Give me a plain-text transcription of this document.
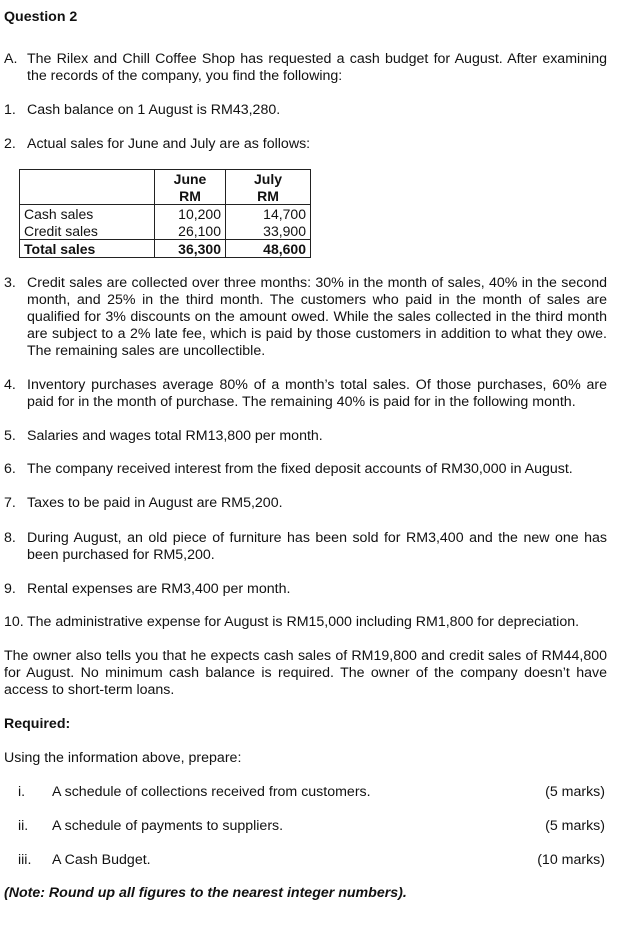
Question 2
A. The Rilex and Chill Coffee Shop has requested a cash budget for August. After examining the records of the company, you find the following:
1. Cash balance on 1 August is RM43,280.
2. Actual sales for June and July are as follows:
	June	July
	RM	RM
Cash sales	10,200	14,700
Credit sales	26,100	33,900
Total sales	36,300	48,600
3. Credit sales are collected over three months: 30% in the month of sales, 40% in the second month, and 25% in the third month. The customers who paid in the month of sales are qualified for 3% discounts on the amount owed. While the sales collected in the third month are subject to a 2% late fee, which is paid by those customers in addition to what they owe. The remaining sales are uncollectible.
4. Inventory purchases average 80% of a month’s total sales. Of those purchases, 60% are paid for in the month of purchase. The remaining 40% is paid for in the following month.
5. Salaries and wages total RM13,800 per month.
6. The company received interest from the fixed deposit accounts of RM30,000 in August.
7. Taxes to be paid in August are RM5,200.
8. During August, an old piece of furniture has been sold for RM3,400 and the new one has been purchased for RM5,200.
9. Rental expenses are RM3,400 per month.
10. The administrative expense for August is RM15,000 including RM1,800 for depreciation.
The owner also tells you that he expects cash sales of RM19,800 and credit sales of RM44,800 for August. No minimum cash balance is required. The owner of the company doesn’t have access to short-term loans.
Required:
Using the information above, prepare:
i. A schedule of collections received from customers.	(5 marks)
ii. A schedule of payments to suppliers.	(5 marks)
iii. A Cash Budget.	(10 marks)
(Note: Round up all figures to the nearest integer numbers).
